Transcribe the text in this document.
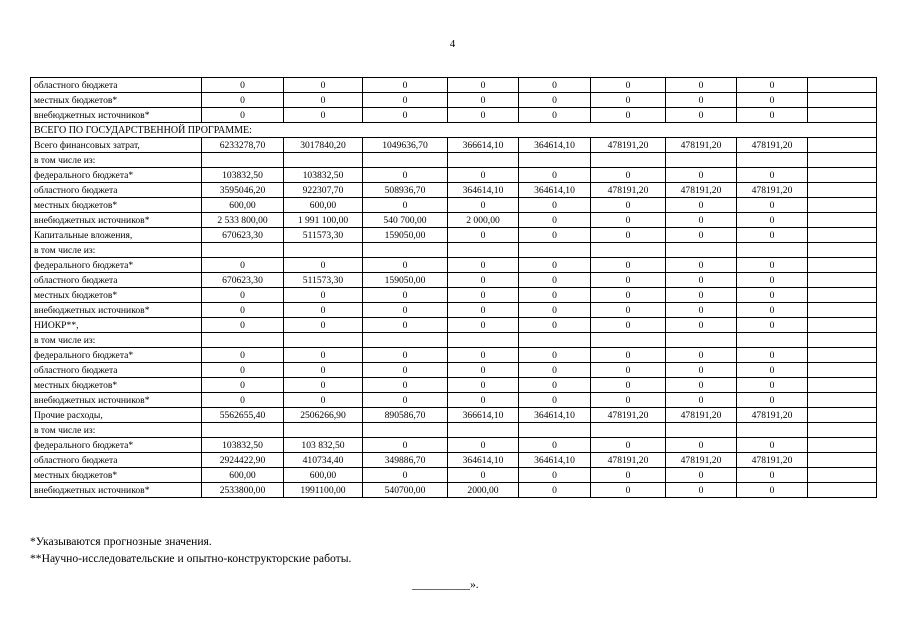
4
областного бюджета	0	0	0	0	0	0	0	0	
местных бюджетов*	0	0	0	0	0	0	0	0	
внебюджетных источников*	0	0	0	0	0	0	0	0	
ВСЕГО ПО ГОСУДАРСТВЕННОЙ ПРОГРАММЕ:									
Всего финансовых затрат,	6233278,70	3017840,20	1049636,70	366614,10	364614,10	478191,20	478191,20	478191,20	
в том числе из:									
федерального бюджета*	103832,50	103832,50	0	0	0	0	0	0	
областного бюджета	3595046,20	922307,70	508936,70	364614,10	364614,10	478191,20	478191,20	478191,20	
местных бюджетов*	600,00	600,00	0	0	0	0	0	0	
внебюджетных источников*	2 533 800,00	1 991 100,00	540 700,00	2 000,00	0	0	0	0	
Капитальные вложения,	670623,30	511573,30	159050,00	0	0	0	0	0	
в том числе из:									
федерального бюджета*	0	0	0	0	0	0	0	0	
областного бюджета	670623,30	511573,30	159050,00	0	0	0	0	0	
местных бюджетов*	0	0	0	0	0	0	0	0	
внебюджетных источников*	0	0	0	0	0	0	0	0	
НИОКР**,	0	0	0	0	0	0	0	0	
в том числе из:									
федерального бюджета*	0	0	0	0	0	0	0	0	
областного бюджета	0	0	0	0	0	0	0	0	
местных бюджетов*	0	0	0	0	0	0	0	0	
внебюджетных источников*	0	0	0	0	0	0	0	0	
Прочие расходы,	5562655,40	2506266,90	890586,70	366614,10	364614,10	478191,20	478191,20	478191,20	
в том числе из:									
федерального бюджета*	103832,50	103 832,50	0	0	0	0	0	0	
областного бюджета	2924422,90	410734,40	349886,70	364614,10	364614,10	478191,20	478191,20	478191,20	
местных бюджетов*	600,00	600,00	0	0	0	0	0	0	
внебюджетных источников*	2533800,00	1991100,00	540700,00	2000,00	0	0	0	0	
*Указываются прогнозные значения.
**Научно-исследовательские и опытно-конструкторские работы.
__________».
